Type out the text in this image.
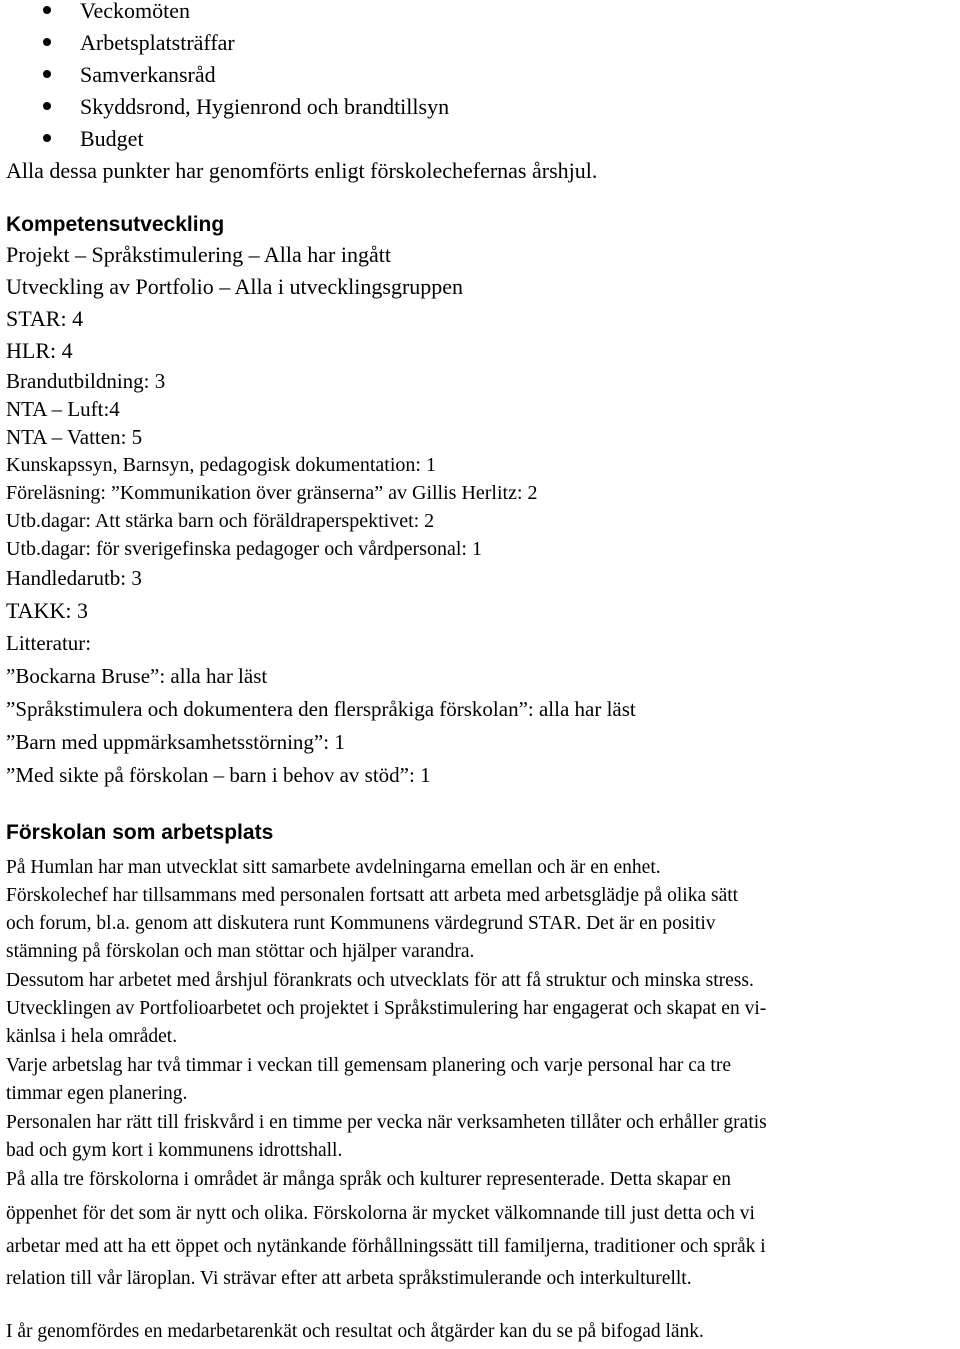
Veckomöten
Arbetsplatsträffar
Samverkansråd
Skyddsrond, Hygienrond och brandtillsyn
Budget
Alla dessa punkter har genomförts enligt förskolechefernas årshjul.
Kompetensutveckling
Projekt – Språkstimulering – Alla har ingått
Utveckling av Portfolio – Alla i utvecklingsgruppen
STAR: 4
HLR: 4
Brandutbildning: 3
NTA – Luft:4
NTA – Vatten: 5
Kunskapssyn, Barnsyn, pedagogisk dokumentation: 1
Föreläsning: ”Kommunikation över gränserna” av Gillis Herlitz: 2
Utb.dagar: Att stärka barn och föräldraperspektivet: 2
Utb.dagar: för sverigefinska pedagoger och vårdpersonal: 1
Handledarutb: 3
TAKK: 3
Litteratur:
”Bockarna Bruse”: alla har läst
”Språkstimulera och dokumentera den flerspråkiga förskolan”: alla har läst
”Barn med uppmärksamhetsstörning”: 1
”Med sikte på förskolan – barn i behov av stöd”: 1
Förskolan som arbetsplats
På Humlan har man utvecklat sitt samarbete avdelningarna emellan och är en enhet.
Förskolechef har tillsammans med personalen fortsatt att arbeta med arbetsglädje på olika sätt
och forum, bl.a. genom att diskutera runt Kommunens värdegrund STAR. Det är en positiv
stämning på förskolan och man stöttar och hjälper varandra.
Dessutom har arbetet med årshjul förankrats och utvecklats för att få struktur och minska stress.
Utvecklingen av Portfolioarbetet och projektet i Språkstimulering har engagerat och skapat en vi-
känlsa i hela området.
Varje arbetslag har två timmar i veckan till gemensam planering och varje personal har ca tre
timmar egen planering.
Personalen har rätt till friskvård i en timme per vecka när verksamheten tillåter och erhåller gratis
bad och gym kort i kommunens idrottshall.
På alla tre förskolorna i området är många språk och kulturer representerade. Detta skapar en
öppenhet för det som är nytt och olika. Förskolorna är mycket välkomnande till just detta och vi
arbetar med att ha ett öppet och nytänkande förhållningssätt till familjerna, traditioner och språk i
relation till vår läroplan. Vi strävar efter att arbeta språkstimulerande och interkulturellt.
I år genomfördes en medarbetarenkät och resultat och åtgärder kan du se på bifogad länk.
